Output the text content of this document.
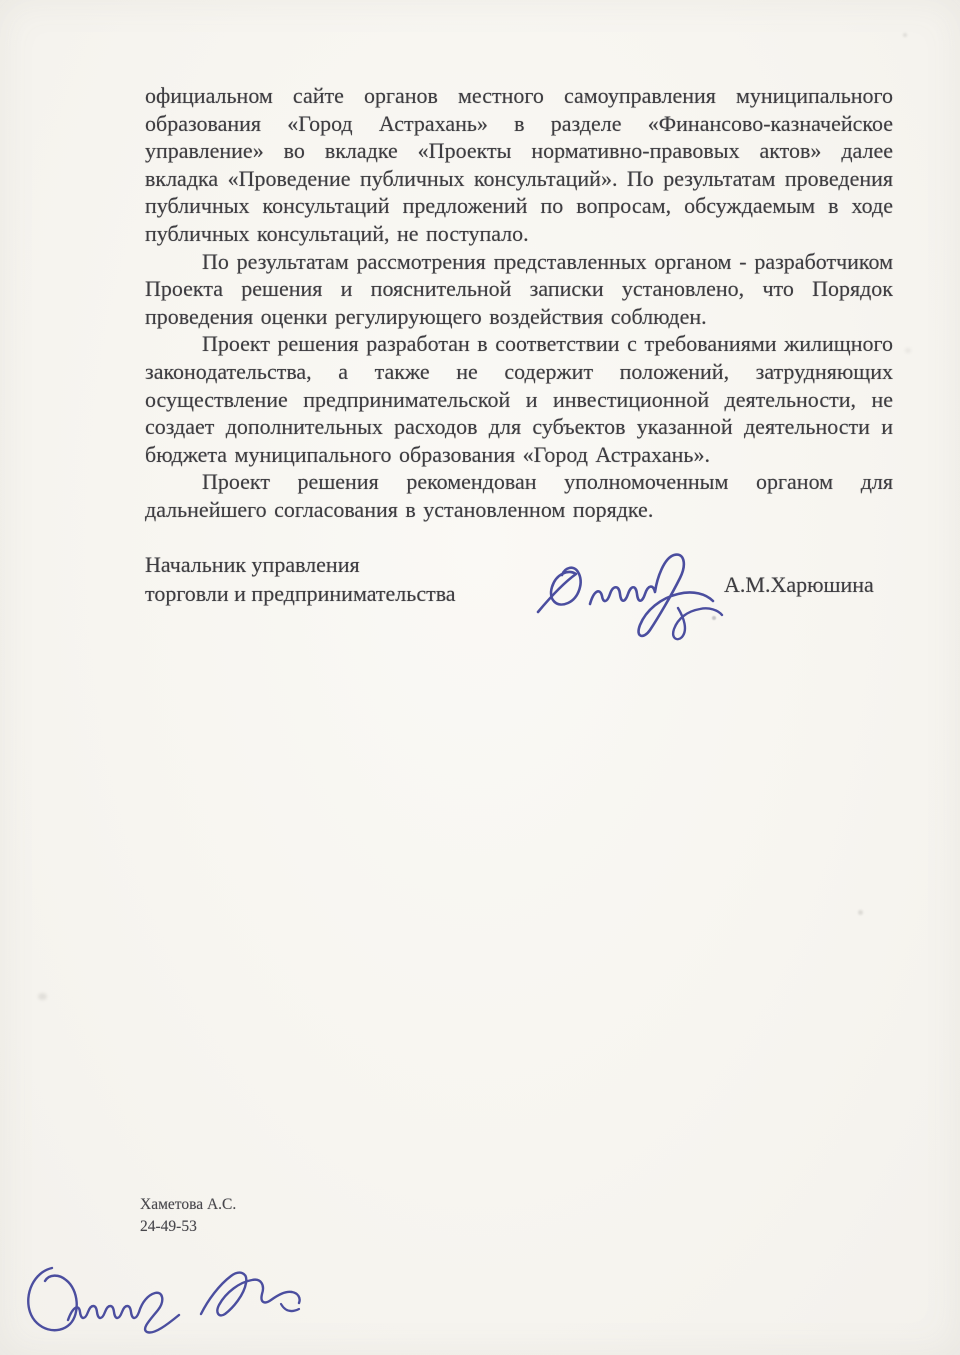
официальном сайте органов местного самоуправления муниципального образования «Город Астрахань» в разделе «Финансово-казначейское управление» во вкладке «Проекты нормативно-правовых актов» далее вкладка «Проведение публичных консультаций». По результатам проведения публичных консультаций предложений по вопросам, обсуждаемым в ходе публичных консультаций, не поступало.

По результатам рассмотрения представленных органом - разработчиком Проекта решения и пояснительной записки установлено, что Порядок проведения оценки регулирующего воздействия соблюден.

Проект решения разработан в соответствии с требованиями жилищного законодательства, а также не содержит положений, затрудняющих осуществление предпринимательской и инвестиционной деятельности, не создает дополнительных расходов для субъектов указанной деятельности и бюджета муниципального образования «Город Астрахань».

Проект решения рекомендован уполномоченным органом для дальнейшего согласования в установленном порядке.

Начальник управления
торговли и предпринимательства	А.М.Харюшина
Хаметова А.С.
24-49-53
